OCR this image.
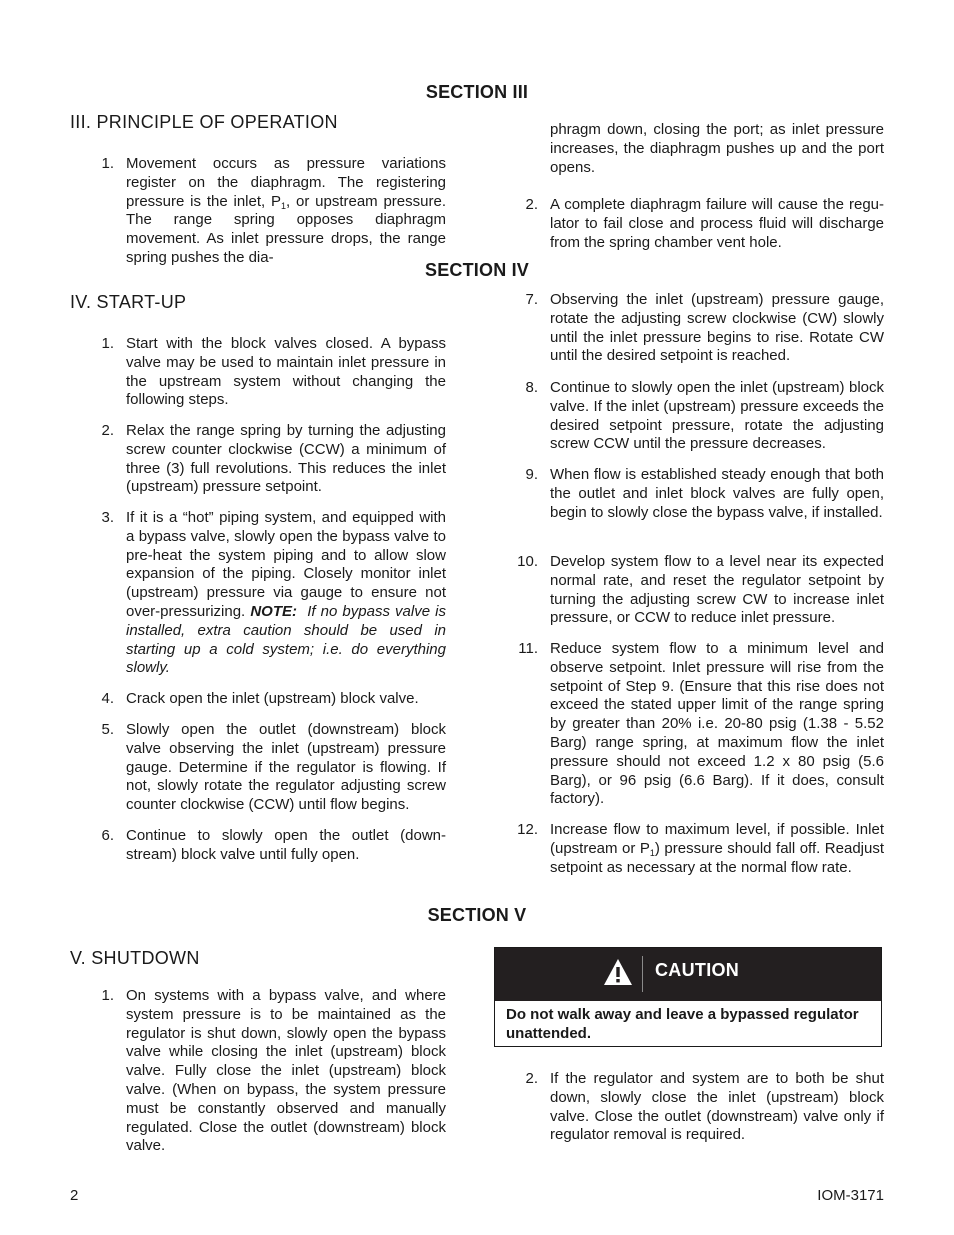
SECTION III
III. PRINCIPLE OF OPERATION
1. Movement occurs as pressure variations register on the diaphragm. The registering pressure is the inlet, $P_1$, or upstream pressure. The range spring opposes diaphragm movement. As inlet pressure drops, the range spring pushes the dia-
phragm down, closing the port; as inlet pressure increases, the diaphragm pushes up and the port opens.
2. A complete diaphragm failure will cause the regu-lator to fail close and process fluid will discharge from the spring chamber vent hole.
SECTION IV
IV. START-UP
1. Start with the block valves closed. A bypass valve may be used to maintain inlet pressure in the upstream system without changing the following steps.
2. Relax the range spring by turning the adjusting screw counter clockwise (CCW) a minimum of three (3) full revolutions. This reduces the inlet (upstream) pressure setpoint.
3. If it is a “hot” piping system, and equipped with a bypass valve, slowly open the bypass valve to pre-heat the system piping and to allow slow expansion of the piping. Closely monitor inlet (upstream) pressure via gauge to ensure not over-pressurizing. NOTE: If no bypass valve is installed, extra caution should be used in starting up a cold system; i.e. do everything slowly.
4. Crack open the inlet (upstream) block valve.
5. Slowly open the outlet (downstream) block valve observing the inlet (upstream) pressure gauge. Determine if the regulator is flowing. If not, slowly rotate the regulator adjusting screw counter clockwise (CCW) until flow begins.
6. Continue to slowly open the outlet (down-stream) block valve until fully open.
7. Observing the inlet (upstream) pressure gauge, rotate the adjusting screw clockwise (CW) slowly until the inlet pressure begins to rise. Rotate CW until the desired setpoint is reached.
8. Continue to slowly open the inlet (upstream) block valve. If the inlet (upstream) pressure exceeds the desired setpoint pressure, rotate the adjusting screw CCW until the pressure decreases.
9. When flow is established steady enough that both the outlet and inlet block valves are fully open, begin to slowly close the bypass valve, if installed.
10. Develop system flow to a level near its expected normal rate, and reset the regulator setpoint by turning the adjusting screw CW to increase inlet pressure, or CCW to reduce inlet pressure.
11. Reduce system flow to a minimum level and observe setpoint. Inlet pressure will rise from the setpoint of Step 9. (Ensure that this rise does not exceed the stated upper limit of the range spring by greater than 20% i.e. 20-80 psig (1.38 - 5.52 Barg) range spring, at maximum flow the inlet pressure should not exceed 1.2 x 80 psig (5.6 Barg), or 96 psig (6.6 Barg). If it does, consult factory).
12. Increase flow to maximum level, if possible. Inlet (upstream or $P_1$) pressure should fall off. Readjust setpoint as necessary at the normal flow rate.
SECTION V
V. SHUTDOWN
1. On systems with a bypass valve, and where system pressure is to be maintained as the regulator is shut down, slowly open the bypass valve while closing the inlet (upstream) block valve. Fully close the inlet (upstream) block valve. (When on bypass, the system pressure must be constantly observed and manually regulated. Close the outlet (downstream) block valve.
CAUTION
Do not walk away and leave a bypassed regulator unattended.
2. If the regulator and system are to both be shut down, slowly close the inlet (upstream) block valve. Close the outlet (downstream) valve only if regulator removal is required.
2	IOM-3171
